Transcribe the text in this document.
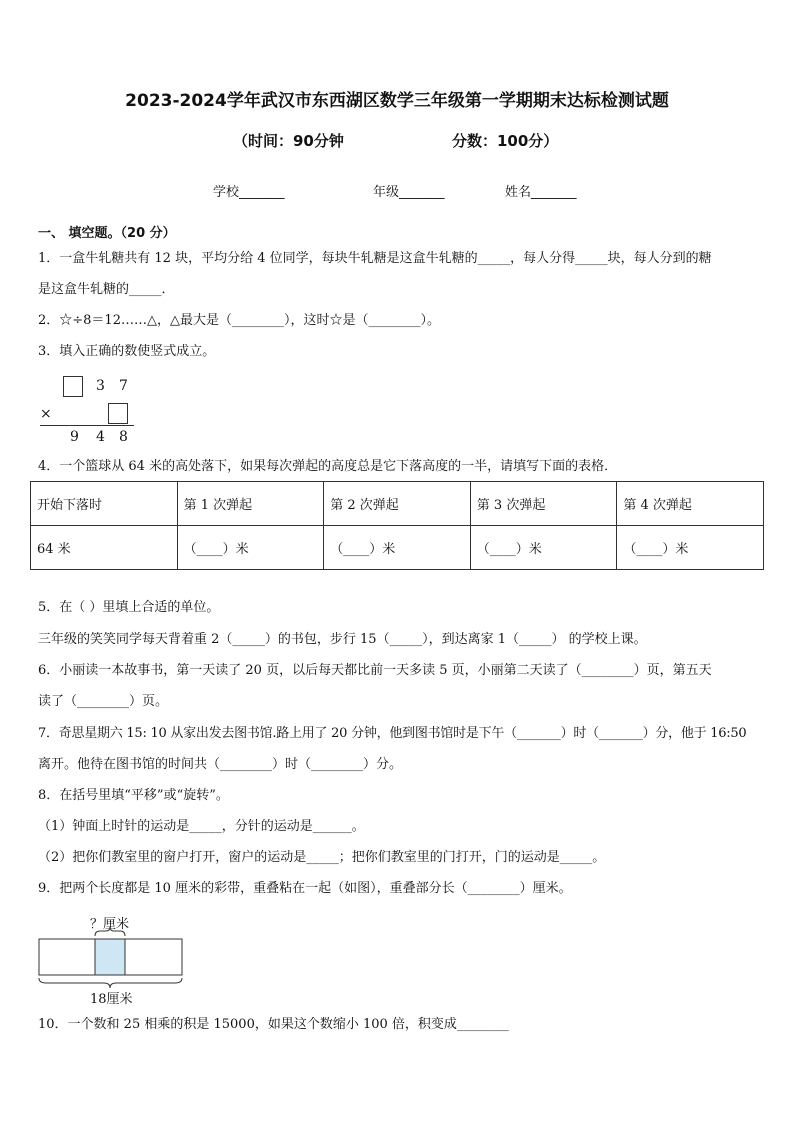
2023-2024学年武汉市东西湖区数学三年级第一学期期末达标检测试题
（时间：90分钟	分数：100分）
学校_______	年级_______	姓名_______
一、 填空题。（20 分）
1．一盒牛轧糖共有 12 块，平均分给 4 位同学，每块牛轧糖是这盒牛轧糖的_____，每人分得_____块，每人分到的糖
是这盒牛轧糖的_____．
2．☆÷8＝12……△，△最大是（________），这时☆是（________）。
3．填入正确的数使竖式成立。
3 7
×
9 4 8
4．一个篮球从 64 米的高处落下，如果每次弹起的高度总是它下落高度的一半，请填写下面的表格．
开始下落时	第 1 次弹起	第 2 次弹起	第 3 次弹起	第 4 次弹起
64 米	（____）米	（____）米	（____）米	（____）米
5．在（ ）里填上合适的单位。
三年级的笑笑同学每天背着重 2（_____）的书包，步行 15（_____），到达离家 1（_____） 的学校上课。
6．小丽读一本故事书，第一天读了 20 页，以后每天都比前一天多读 5 页，小丽第二天读了（________）页，第五天
读了（________）页。
7．奇思星期六 15: 10 从家出发去图书馆.路上用了 20 分钟，他到图书馆时是下午（_______）时（_______）分，他于 16:50
离开。他待在图书馆的时间共（________）时（________）分。
8．在括号里填“平移”或“旋转”。
（1）钟面上时针的运动是_____，分针的运动是______。
（2）把你们教室里的窗户打开，窗户的运动是_____；把你们教室里的门打开，门的运动是_____。
9．把两个长度都是 10 厘米的彩带，重叠粘在一起（如图），重叠部分长（________）厘米。
？厘米
18厘米
10．一个数和 25 相乘的积是 15000，如果这个数缩小 100 倍，积变成________
